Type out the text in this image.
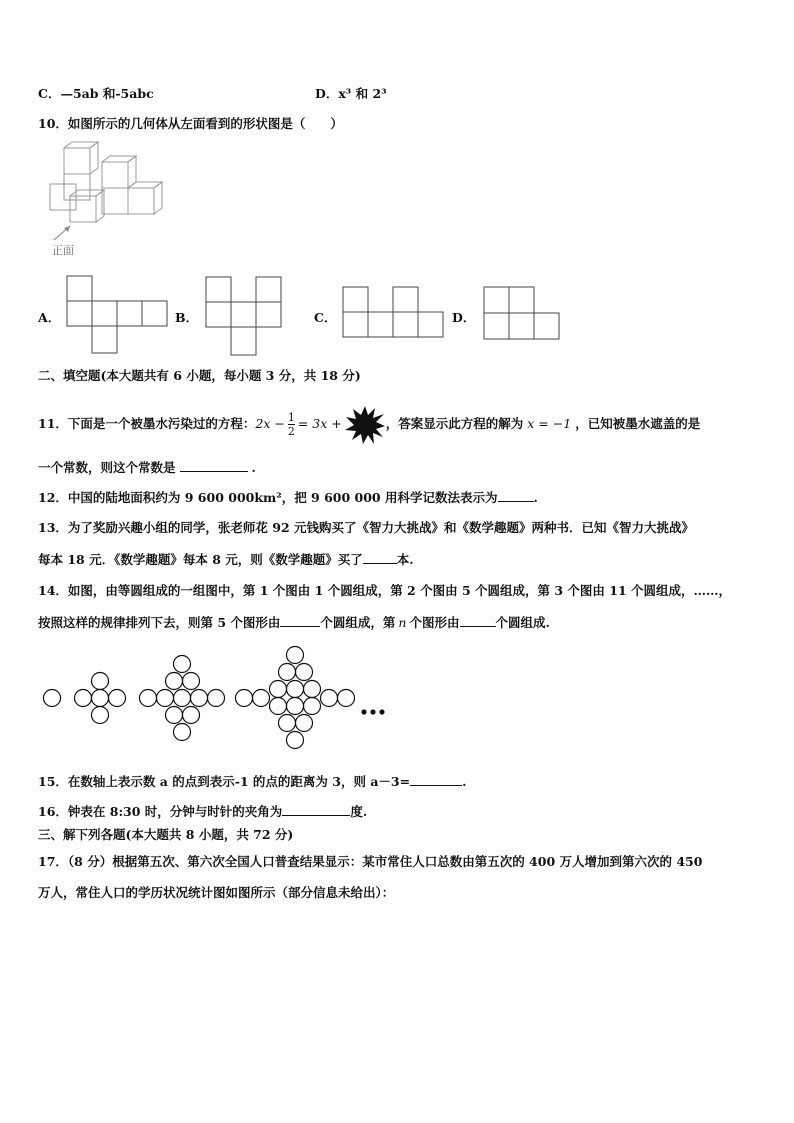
C．—5ab 和-5abc	D．x³ 和 2³
10．如图所示的几何体从左面看到的形状图是（　　）
正面
A．	B．	C．	D．
二、填空题(本大题共有 6 小题，每小题 3 分，共 18 分)
11．下面是一个被墨水污染过的方程：$2x - \frac{1}{2} = 3x$ +	，答案显示此方程的解为 x = −1 ，已知被墨水遮盖的是
一个常数，则这个常数是	.
12．中国的陆地面积约为 9 600 000km²，把 9 600 000 用科学记数法表示为	.
13．为了奖励兴趣小组的同学，张老师花 92 元钱购买了《智力大挑战》和《数学趣题》两种书．已知《智力大挑战》
每本 18 元．《数学趣题》每本 8 元，则《数学趣题》买了	本.
14．如图，由等圆组成的一组图中，第 1 个图由 1 个圆组成，第 2 个图由 5 个圆组成，第 3 个图由 11 个圆组成，……，
按照这样的规律排列下去，则第 5 个图形由	个圆组成，第 n 个图形由	个圆组成.
15．在数轴上表示数 a 的点到表示-1 的点的距离为 3，则 a－3=	.
16．钟表在 8:30 时，分钟与时针的夹角为	度.
三、解下列各题(本大题共 8 小题，共 72 分)
17．（8 分）根据第五次、第六次全国人口普查结果显示：某市常住人口总数由第五次的 400 万人增加到第六次的 450
万人，常住人口的学历状况统计图如图所示（部分信息未给出）：
